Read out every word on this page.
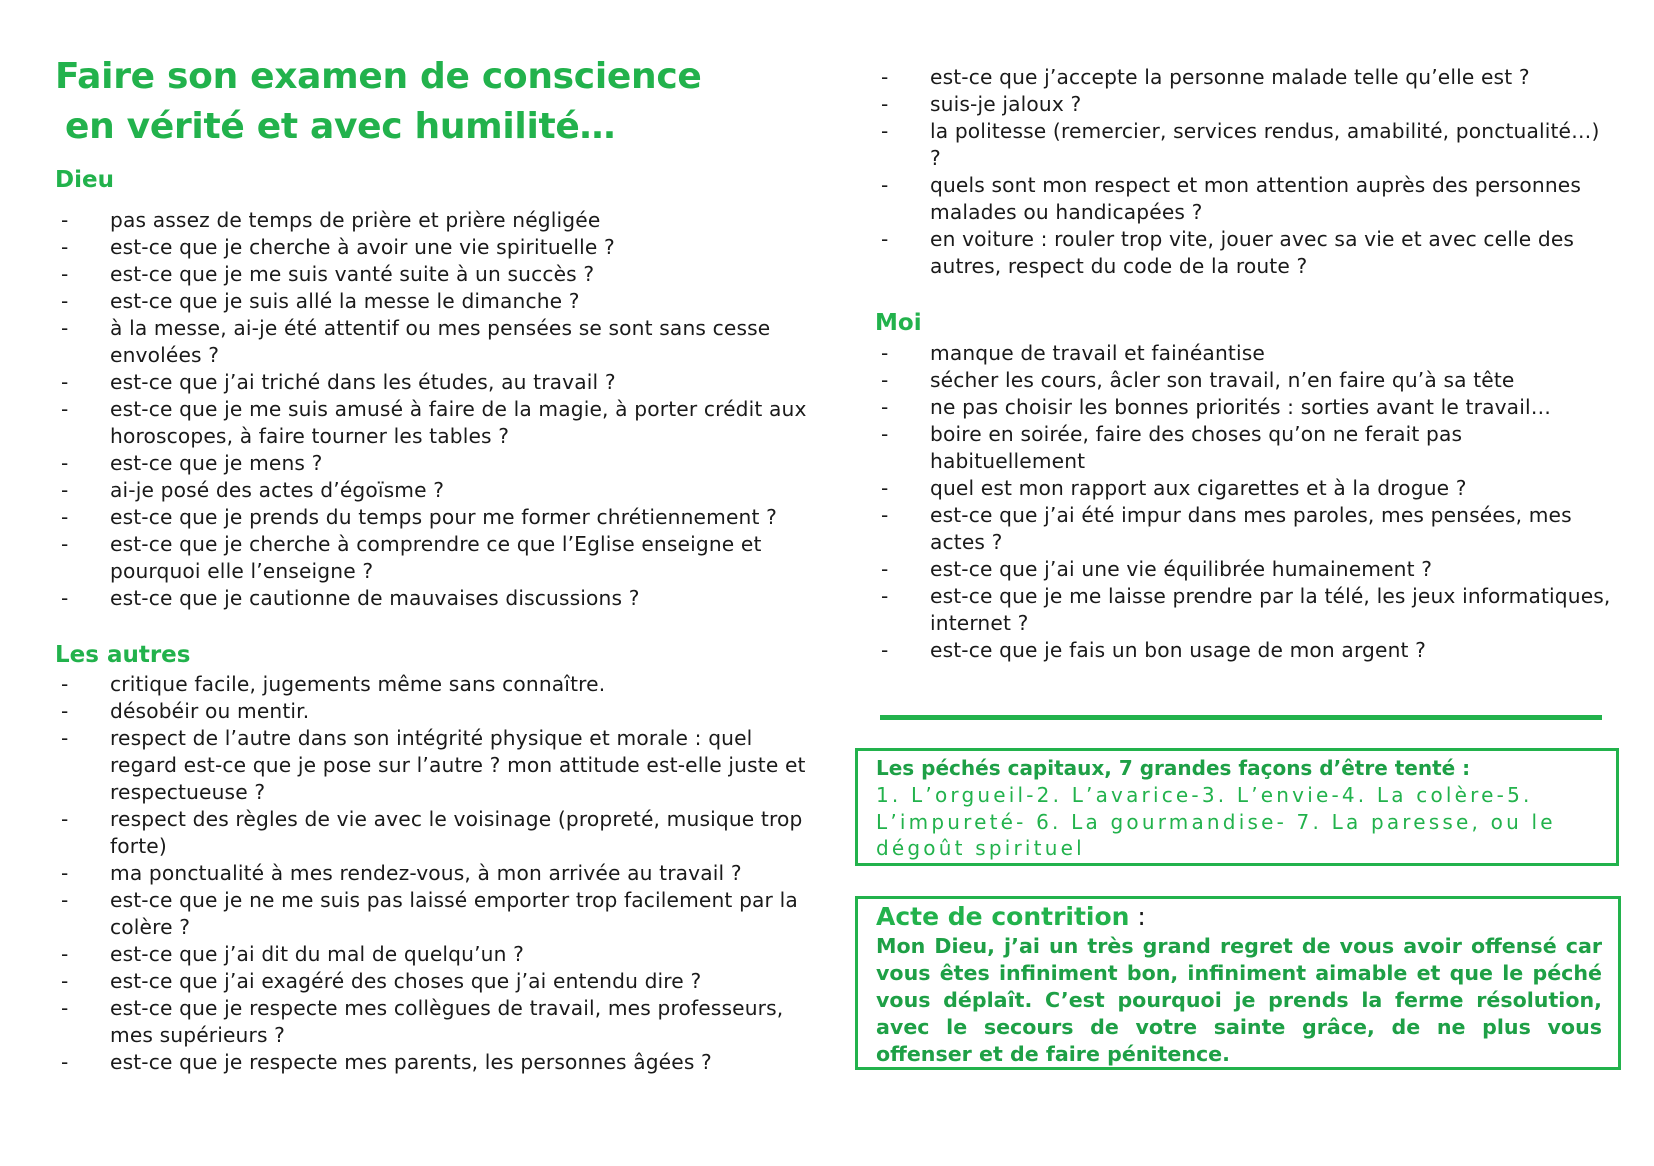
Faire son examen de conscience
en vérité et avec humilité…
Dieu
- pas assez de temps de prière et prière négligée
- est-ce que je cherche à avoir une vie spirituelle ?
- est-ce que je me suis vanté suite à un succès ?
- est-ce que je suis allé la messe le dimanche ?
- à la messe, ai-je été attentif ou mes pensées se sont sans cesse envolées ?
- est-ce que j’ai triché dans les études, au travail ?
- est-ce que je me suis amusé à faire de la magie, à porter crédit aux horoscopes, à faire tourner les tables ?
- est-ce que je mens ?
- ai-je posé des actes d’égoïsme ?
- est-ce que je prends du temps pour me former chrétiennement ?
- est-ce que je cherche à comprendre ce que l’Eglise enseigne et pourquoi elle l’enseigne ?
- est-ce que je cautionne de mauvaises discussions ?
Les autres
- critique facile, jugements même sans connaître.
- désobéir ou mentir.
- respect de l’autre dans son intégrité physique et morale : quel regard est-ce que je pose sur l’autre ? mon attitude est-elle juste et respectueuse ?
- respect des règles de vie avec le voisinage (propreté, musique trop forte)
- ma ponctualité à mes rendez-vous, à mon arrivée au travail ?
- est-ce que je ne me suis pas laissé emporter trop facilement par la colère ?
- est-ce que j’ai dit du mal de quelqu’un ?
- est-ce que j’ai exagéré des choses que j’ai entendu dire ?
- est-ce que je respecte mes collègues de travail, mes professeurs, mes supérieurs ?
- est-ce que je respecte mes parents, les personnes âgées ?
- est-ce que j’accepte la personne malade telle qu’elle est ?
- suis-je jaloux ?
- la politesse (remercier, services rendus, amabilité, ponctualité…) ?
- quels sont mon respect et mon attention auprès des personnes malades ou handicapées ?
- en voiture : rouler trop vite, jouer avec sa vie et avec celle des autres, respect du code de la route ?
Moi
- manque de travail et fainéantise
- sécher les cours, âcler son travail, n’en faire qu’à sa tête
- ne pas choisir les bonnes priorités : sorties avant le travail…
- boire en soirée, faire des choses qu’on ne ferait pas habituellement
- quel est mon rapport aux cigarettes et à la drogue ?
- est-ce que j’ai été impur dans mes paroles, mes pensées, mes actes ?
- est-ce que j’ai une vie équilibrée humainement ?
- est-ce que je me laisse prendre par la télé, les jeux informatiques, internet ?
- est-ce que je fais un bon usage de mon argent ?
Les péchés capitaux, 7 grandes façons d’être tenté :
1. L’orgueil-2. L’avarice-3. L’envie-4. La colère-5. L’impureté- 6. La gourmandise- 7. La paresse, ou le dégoût spirituel
Acte de contrition :
Mon Dieu, j’ai un très grand regret de vous avoir offensé car vous êtes infiniment bon, infiniment aimable et que le péché vous déplaît. C’est pourquoi je prends la ferme résolution, avec le secours de votre sainte grâce, de ne plus vous offenser et de faire pénitence.
